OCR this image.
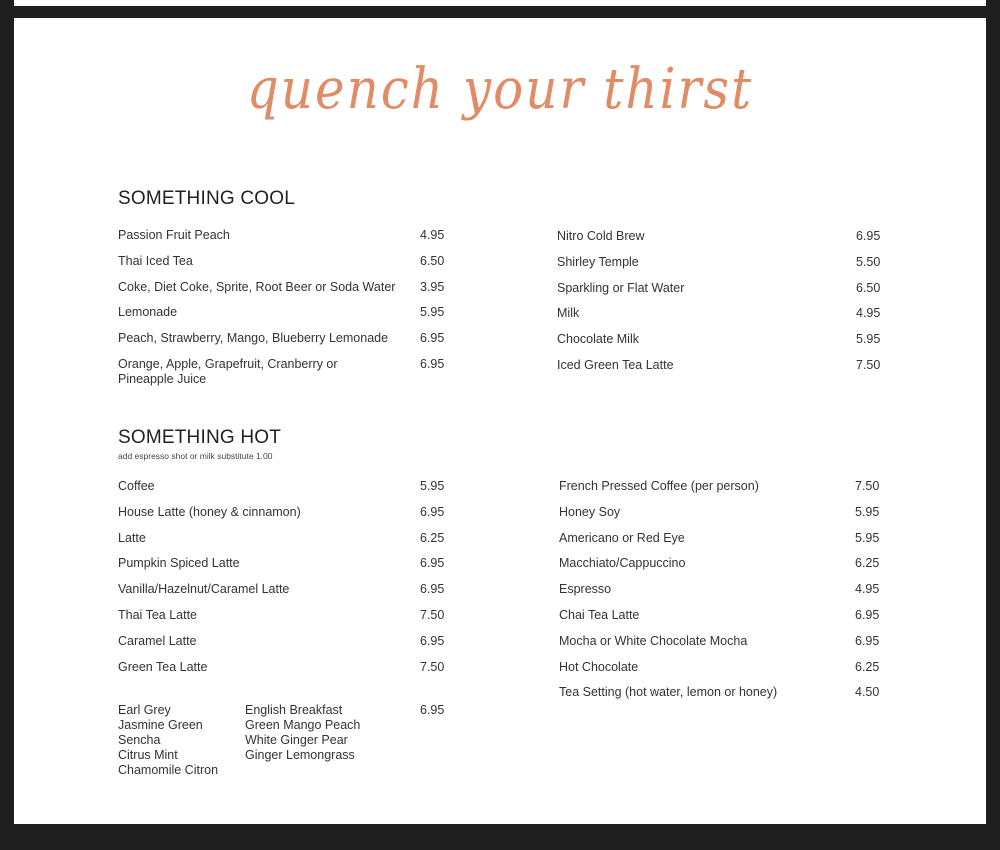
quench your thirst
SOMETHING COOL
Passion Fruit Peach	4.95
Thai Iced Tea	6.50
Coke, Diet Coke, Sprite, Root Beer or Soda Water 3.95
Lemonade	5.95
Peach, Strawberry, Mango, Blueberry Lemonade	6.95
Orange, Apple, Grapefruit, Cranberry or
Pineapple Juice
6.95
Nitro Cold Brew	6.95
Shirley Temple	5.50
Sparkling or Flat Water	6.50
Milk	4.95
Chocolate Milk	5.95
Iced Green Tea Latte	7.50
SOMETHING HOT
add espresso shot or milk substitute 1.00
Coffee	5.95
House Latte (honey & cinnamon)	6.95
Latte	6.25
Pumpkin Spiced Latte	6.95
Vanilla/Hazelnut/Caramel Latte	6.95
Thai Tea Latte	7.50
Caramel Latte	6.95
Green Tea Latte	7.50
French Pressed Coffee (per person)	7.50
Honey Soy	5.95
Americano or Red Eye	5.95
Macchiato/Cappuccino	6.25
Espresso	4.95
Chai Tea Latte	6.95
Mocha or White Chocolate Mocha	6.95
Hot Chocolate	6.25
Tea Setting (hot water, lemon or honey)	4.50
Earl Grey
Jasmine Green
Sencha
Citrus Mint
Chamomile Citron
English Breakfast
Green Mango Peach
White Ginger Pear
Ginger Lemongrass
6.95
